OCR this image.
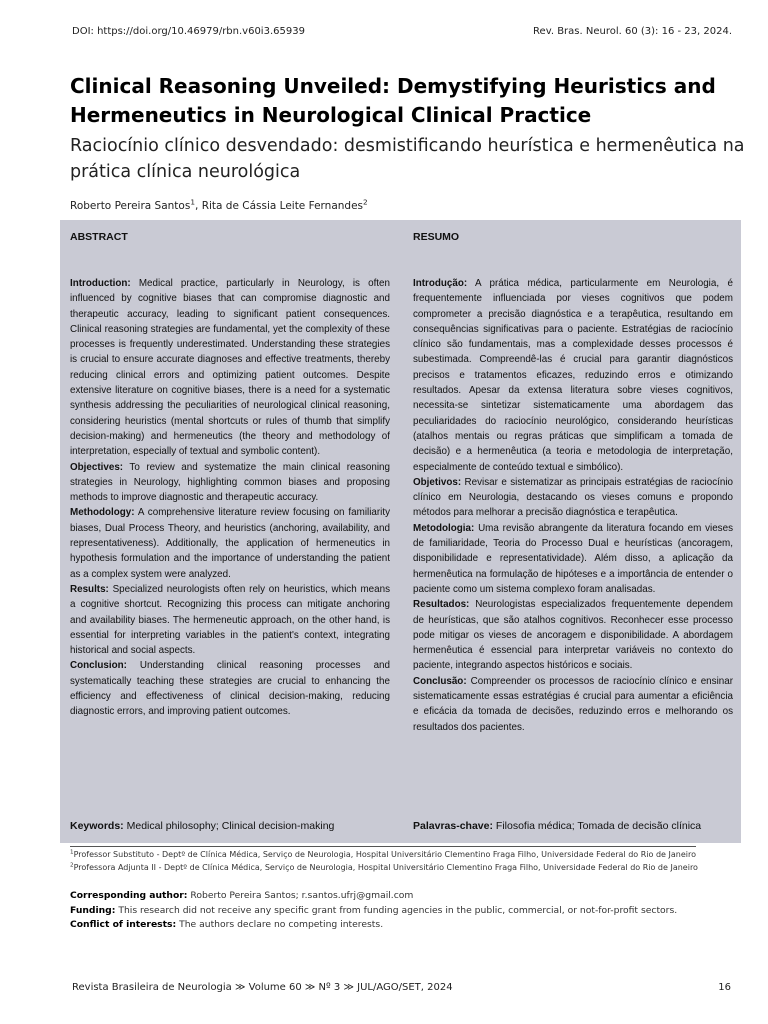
DOI: https://doi.org/10.46979/rbn.v60i3.65939	Rev. Bras. Neurol. 60 (3): 16 - 23, 2024.
Clinical Reasoning Unveiled: Demystifying Heuristics and Hermeneutics in Neurological Clinical Practice

Raciocínio clínico desvendado: desmistificando heurística e hermenêutica na prática clínica neurológica

Roberto Pereira Santos$^1$, Rita de Cássia Leite Fernandes$^2$
ABSTRACT

Introduction: Medical practice, particularly in Neurology, is often influenced by cognitive biases that can compromise diagnostic and therapeutic accuracy, leading to significant patient consequences. Clinical reasoning strategies are fundamental, yet the complexity of these processes is frequently underestimated. Understanding these strategies is crucial to ensure accurate diagnoses and effective treatments, thereby reducing clinical errors and optimizing patient outcomes. Despite extensive literature on cognitive biases, there is a need for a systematic synthesis addressing the peculiarities of neurological clinical reasoning, considering heuristics (mental shortcuts or rules of thumb that simplify decision-making) and hermeneutics (the theory and methodology of interpretation, especially of textual and symbolic content).

Objectives: To review and systematize the main clinical reasoning strategies in Neurology, highlighting common biases and proposing methods to improve diagnostic and therapeutic accuracy.

Methodology: A comprehensive literature review focusing on familiarity biases, Dual Process Theory, and heuristics (anchoring, availability, and representativeness). Additionally, the application of hermeneutics in hypothesis formulation and the importance of understanding the patient as a complex system were analyzed.

Results: Specialized neurologists often rely on heuristics, which means a cognitive shortcut. Recognizing this process can mitigate anchoring and availability biases. The hermeneutic approach, on the other hand, is essential for interpreting variables in the patient's context, integrating historical and social aspects.

Conclusion: Understanding clinical reasoning processes and systematically teaching these strategies are crucial to enhancing the efficiency and effectiveness of clinical decision-making, reducing diagnostic errors, and improving patient outcomes.

Keywords: Medical philosophy; Clinical decision-making
RESUMO

Introdução: A prática médica, particularmente em Neurologia, é frequentemente influenciada por vieses cognitivos que podem comprometer a precisão diagnóstica e a terapêutica, resultando em consequências significativas para o paciente. Estratégias de raciocínio clínico são fundamentais, mas a complexidade desses processos é subestimada. Compreendê-las é crucial para garantir diagnósticos precisos e tratamentos eficazes, reduzindo erros e otimizando resultados. Apesar da extensa literatura sobre vieses cognitivos, necessita-se sintetizar sistematicamente uma abordagem das peculiaridades do raciocínio neurológico, considerando heurísticas (atalhos mentais ou regras práticas que simplificam a tomada de decisão) e a hermenêutica (a teoria e metodologia de interpretação, especialmente de conteúdo textual e simbólico).

Objetivos: Revisar e sistematizar as principais estratégias de raciocínio clínico em Neurologia, destacando os vieses comuns e propondo métodos para melhorar a precisão diagnóstica e terapêutica.

Metodologia: Uma revisão abrangente da literatura focando em vieses de familiaridade, Teoria do Processo Dual e heurísticas (ancoragem, disponibilidade e representatividade). Além disso, a aplicação da hermenêutica na formulação de hipóteses e a importância de entender o paciente como um sistema complexo foram analisadas.

Resultados: Neurologistas especializados frequentemente dependem de heurísticas, que são atalhos cognitivos. Reconhecer esse processo pode mitigar os vieses de ancoragem e disponibilidade. A abordagem hermenêutica é essencial para interpretar variáveis no contexto do paciente, integrando aspectos históricos e sociais.

Conclusão: Compreender os processos de raciocínio clínico e ensinar sistematicamente essas estratégias é crucial para aumentar a eficiência e eficácia da tomada de decisões, reduzindo erros e melhorando os resultados dos pacientes.

Palavras-chave: Filosofia médica; Tomada de decisão clínica
$^1$Professor Substituto - Deptº de Clínica Médica, Serviço de Neurologia, Hospital Universitário Clementino Fraga Filho, Universidade Federal do Rio de Janeiro
$^2$Professora Adjunta II - Deptº de Clínica Médica, Serviço de Neurologia, Hospital Universitário Clementino Fraga Filho, Universidade Federal do Rio de Janeiro
Corresponding author: Roberto Pereira Santos; r.santos.ufrj@gmail.com
Funding: This research did not receive any specific grant from funding agencies in the public, commercial, or not-for-profit sectors.
Conflict of interests: The authors declare no competing interests.
Revista Brasileira de Neurologia ≫ Volume 60 ≫ Nº 3 ≫ JUL/AGO/SET, 2024	16
